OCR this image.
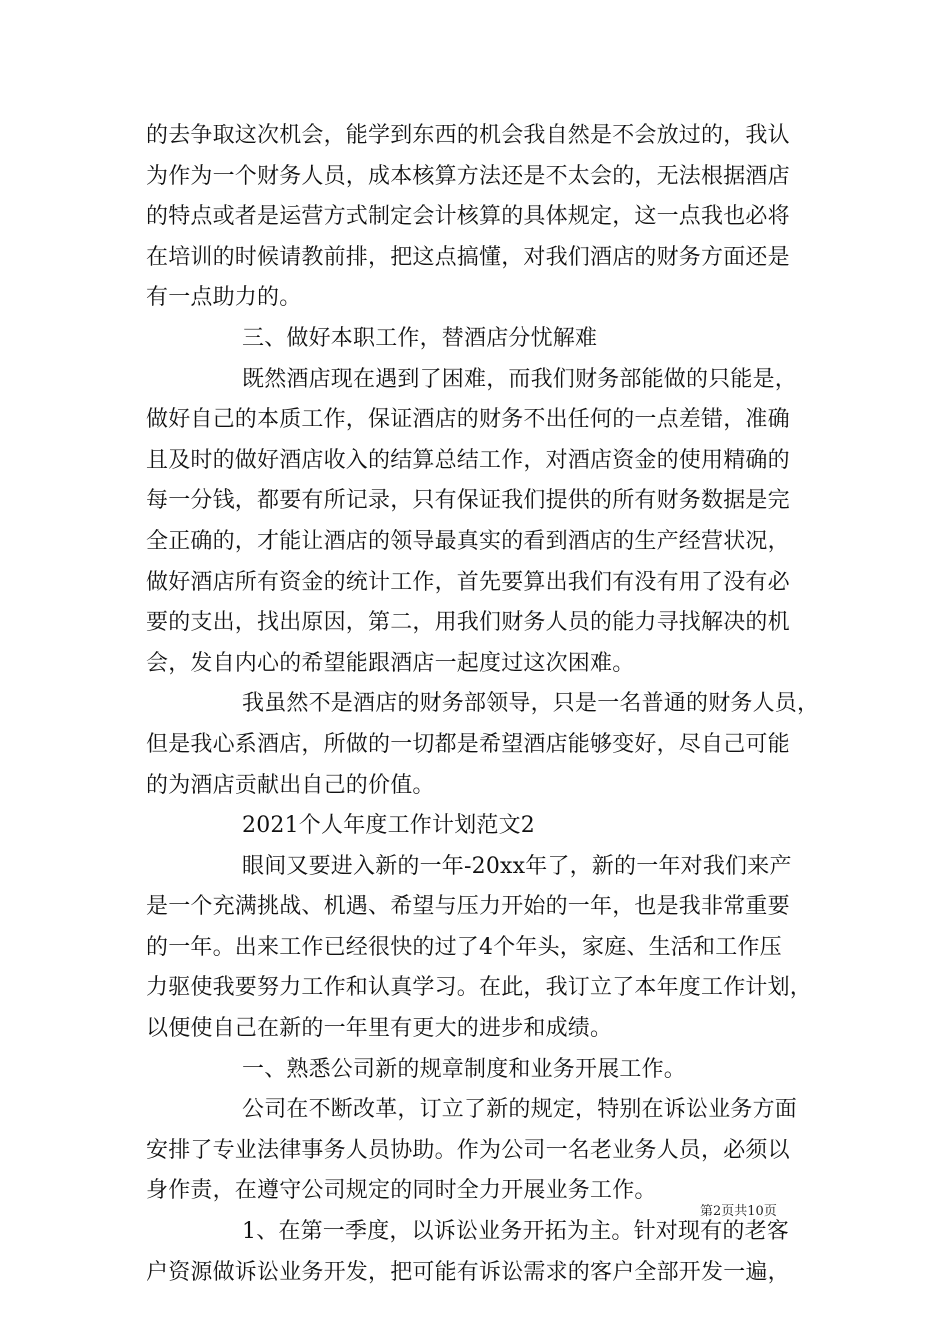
的去争取这次机会，能学到东西的机会我自然是不会放过的，我认
为作为一个财务人员，成本核算方法还是不太会的，无法根据酒店
的特点或者是运营方式制定会计核算的具体规定，这一点我也必将
在培训的时候请教前排，把这点搞懂，对我们酒店的财务方面还是
有一点助力的。
三、做好本职工作，替酒店分忧解难
既然酒店现在遇到了困难，而我们财务部能做的只能是，
做好自己的本质工作，保证酒店的财务不出任何的一点差错，准确
且及时的做好酒店收入的结算总结工作，对酒店资金的使用精确的
每一分钱，都要有所记录，只有保证我们提供的所有财务数据是完
全正确的，才能让酒店的领导最真实的看到酒店的生产经营状况，
做好酒店所有资金的统计工作，首先要算出我们有没有用了没有必
要的支出，找出原因，第二，用我们财务人员的能力寻找解决的机
会，发自内心的希望能跟酒店一起度过这次困难。
我虽然不是酒店的财务部领导，只是一名普通的财务人员，
但是我心系酒店，所做的一切都是希望酒店能够变好，尽自己可能
的为酒店贡献出自己的价值。
2021个人年度工作计划范文2
眼间又要进入新的一年-20xx年了，新的一年对我们来产
是一个充满挑战、机遇、希望与压力开始的一年，也是我非常重要
的一年。出来工作已经很快的过了4个年头，家庭、生活和工作压
力驱使我要努力工作和认真学习。在此，我订立了本年度工作计划，
以便使自己在新的一年里有更大的进步和成绩。
一、熟悉公司新的规章制度和业务开展工作。
公司在不断改革，订立了新的规定，特别在诉讼业务方面
安排了专业法律事务人员协助。作为公司一名老业务人员，必须以
身作责，在遵守公司规定的同时全力开展业务工作。
1、在第一季度，以诉讼业务开拓为主。针对现有的老客
户资源做诉讼业务开发，把可能有诉讼需求的客户全部开发一遍，
第2页共10页
